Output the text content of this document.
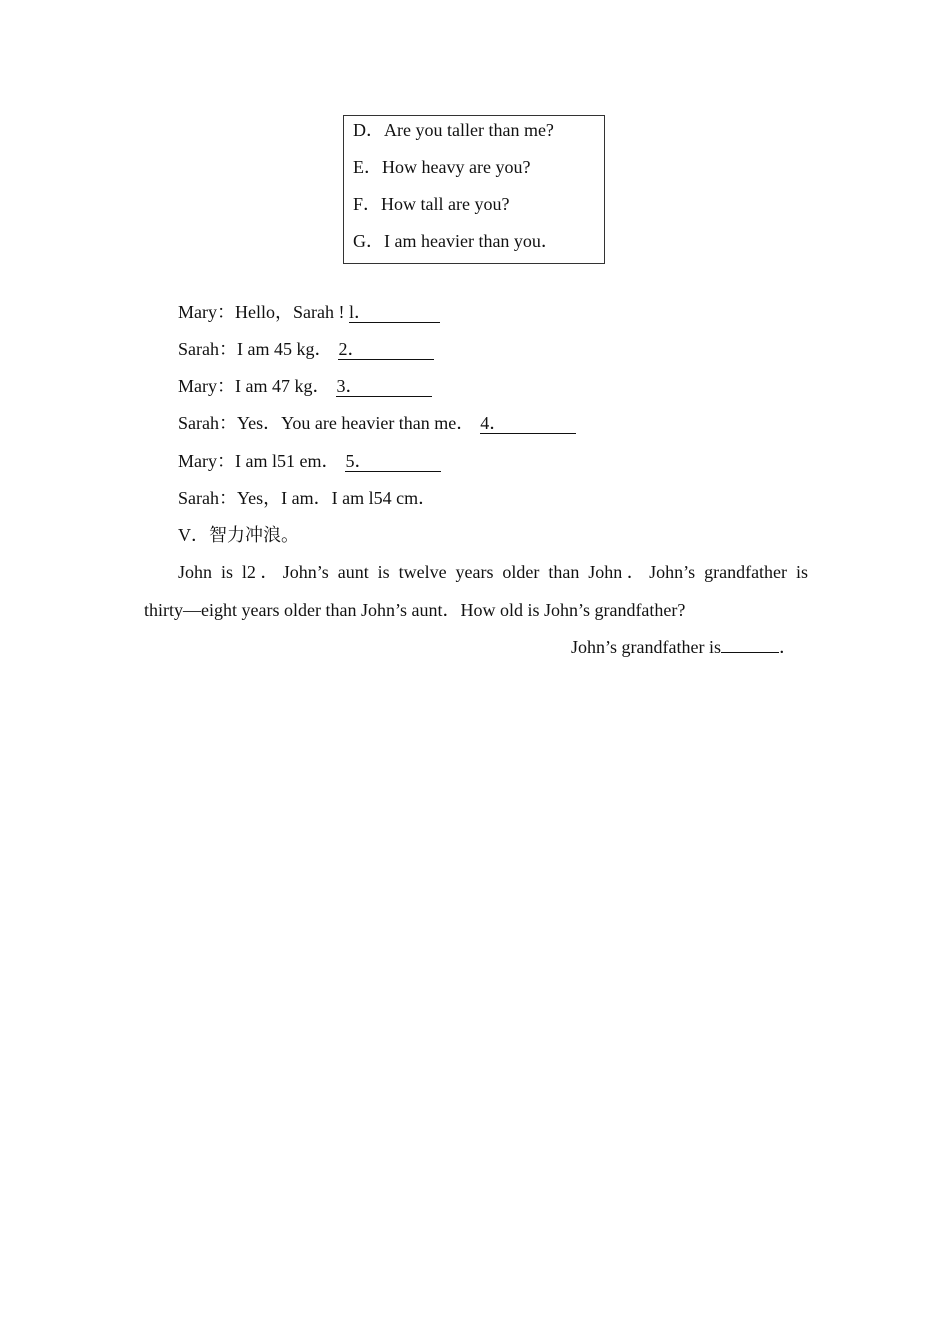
D．Are you taller than me?
E．How heavy are you?
F．How tall are you?
G．I am heavier than you．
Mary：Hello，Sarah ! l．
Sarah：I am 45 kg． 2．
Mary：I am 47 kg． 3．
Sarah：Yes．You are heavier than me． 4．
Mary：I am l51 em． 5．
Sarah：Yes，I am．I am l54 cm．
V．智力冲浪。
John is l2．John’s aunt is twelve years older than John．John’s grandfather is
thirty—eight years older than John’s aunt．How old is John’s grandfather?
John’s grandfather is	．
